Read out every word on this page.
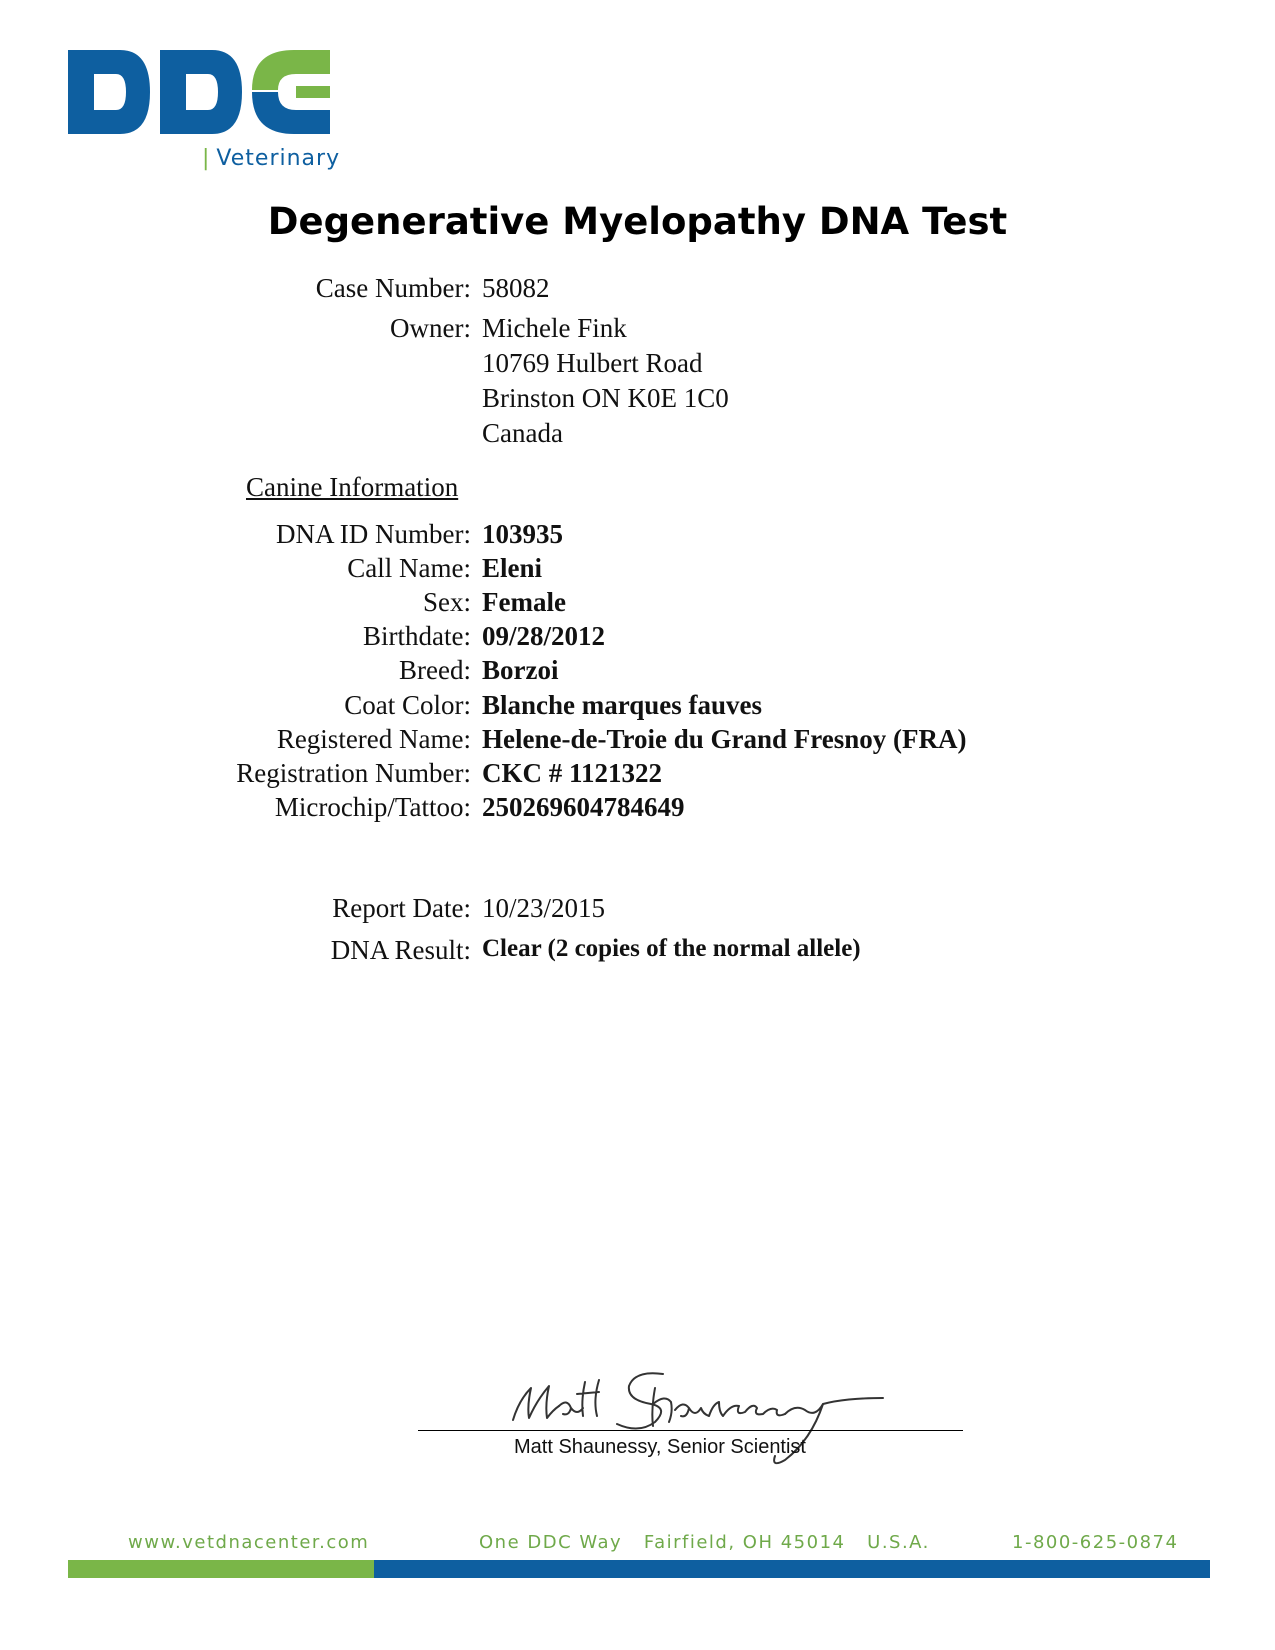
| Veterinary
Degenerative Myelopathy DNA Test
Case Number: 58082
Owner: Michele Fink
10769 Hulbert Road
Brinston ON K0E 1C0
Canada
Canine Information
DNA ID Number: 103935
Call Name: Eleni
Sex: Female
Birthdate: 09/28/2012
Breed: Borzoi
Coat Color: Blanche marques fauves
Registered Name: Helene-de-Troie du Grand Fresnoy (FRA)
Registration Number: CKC # 1121322
Microchip/Tattoo: 250269604784649
Report Date: 10/23/2015
DNA Result: Clear (2 copies of the normal allele)
Matt Shaunessy, Senior Scientist
www.vetdnacenter.com	One DDC Way   Fairfield, OH 45014   U.S.A.	1-800-625-0874
